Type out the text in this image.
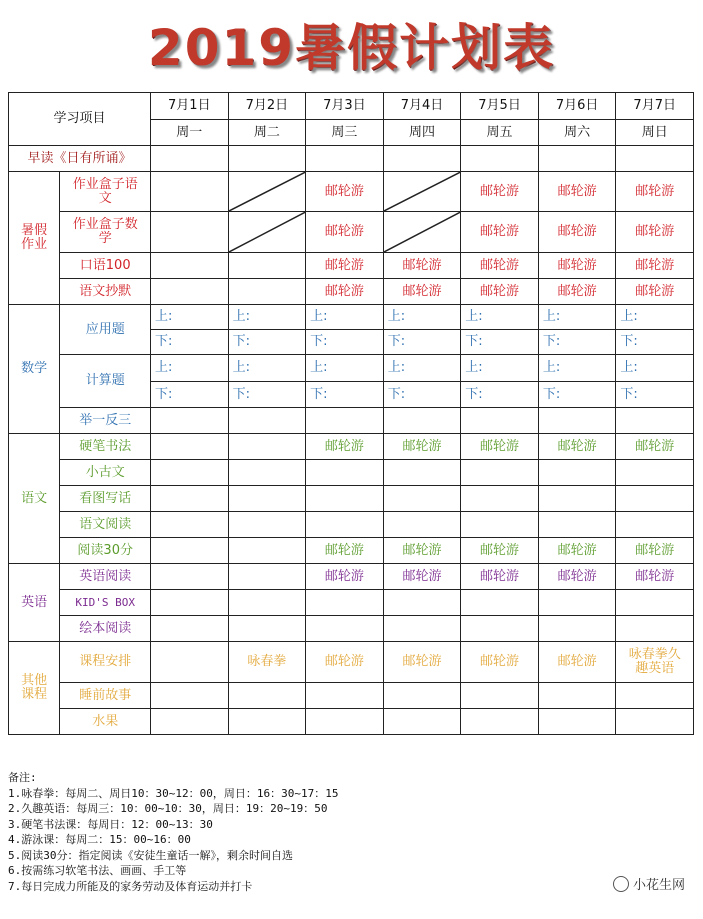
2019暑假计划表
学习项目		7月1日	7月2日	7月3日	7月4日	7月5日	7月6日	7月7日
		周一	周二	周三	周四	周五	周六	周日
早读《日有所诵》								
暑假作业	作业盒子语文			邮轮游		邮轮游	邮轮游	邮轮游
	作业盒子数学			邮轮游		邮轮游	邮轮游	邮轮游
	口语100			邮轮游	邮轮游	邮轮游	邮轮游	邮轮游
	语文抄默			邮轮游	邮轮游	邮轮游	邮轮游	邮轮游
数学	应用题	上:	上:	上:	上:	上:	上:	上:
		下:	下:	下:	下:	下:	下:	下:
	计算题	上:	上:	上:	上:	上:	上:	上:
		下:	下:	下:	下:	下:	下:	下:
	举一反三							
语文	硬笔书法			邮轮游	邮轮游	邮轮游	邮轮游	邮轮游
	小古文							
	看图写话							
	语文阅读							
	阅读30分			邮轮游	邮轮游	邮轮游	邮轮游	邮轮游
英语	英语阅读			邮轮游	邮轮游	邮轮游	邮轮游	邮轮游
	KID'S BOX							
	绘本阅读							
其他课程	课程安排		咏春拳	邮轮游	邮轮游	邮轮游	邮轮游	咏春拳久趣英语
	睡前故事							
	水果							
备注:
1.咏春拳：每周二、周日10：30~12：00，周日：16：30~17：15
2.久趣英语：每周三：10：00~10：30，周日：19：20~19：50
3.硬笔书法课：每周日：12：00~13：30
4.游泳课：每周二：15：00~16：00
5.阅读30分：指定阅读《安徒生童话一解》，剩余时间自选
6.按需练习软笔书法、画画、手工等
7.每日完成力所能及的家务劳动及体育运动并打卡	小花生网
